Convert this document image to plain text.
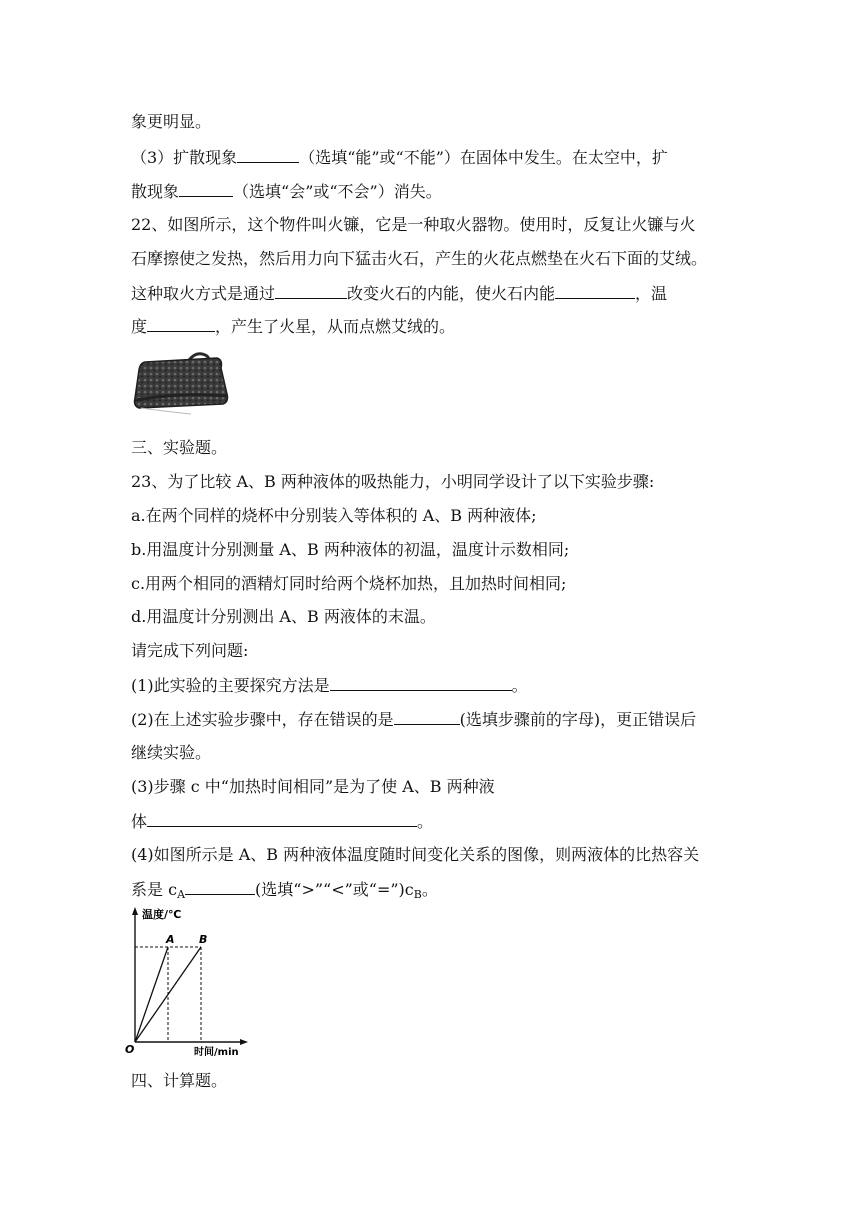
象更明显。
（3）扩散现象	（选填“能”或“不能”）在固体中发生。在太空中，扩
散现象	（选填“会”或“不会”）消失。
22、如图所示，这个物件叫火镰，它是一种取火器物。使用时，反复让火镰与火
石摩擦使之发热，然后用力向下猛击火石，产生的火花点燃垫在火石下面的艾绒。
这种取火方式是通过	改变火石的内能，使火石内能	，温
度	，产生了火星，从而点燃艾绒的。
三、实验题。
23、为了比较 A、B 两种液体的吸热能力，小明同学设计了以下实验步骤:
a.在两个同样的烧杯中分别装入等体积的 A、B 两种液体;
b.用温度计分别测量 A、B 两种液体的初温，温度计示数相同;
c.用两个相同的酒精灯同时给两个烧杯加热，且加热时间相同;
d.用温度计分别测出 A、B 两液体的末温。
请完成下列问题:
(1)此实验的主要探究方法是	。
(2)在上述实验步骤中，存在错误的是	(选填步骤前的字母)，更正错误后
继续实验。
(3)步骤 c 中“加热时间相同”是为了使 A、B 两种液
体	。
(4)如图所示是 A、B 两种液体温度随时间变化关系的图像，则两液体的比热容关
系是 $c_A$	(选填“>”“<”或“$=”)c_B$。
温度/℃
A B
O	时间/min
四、计算题。
